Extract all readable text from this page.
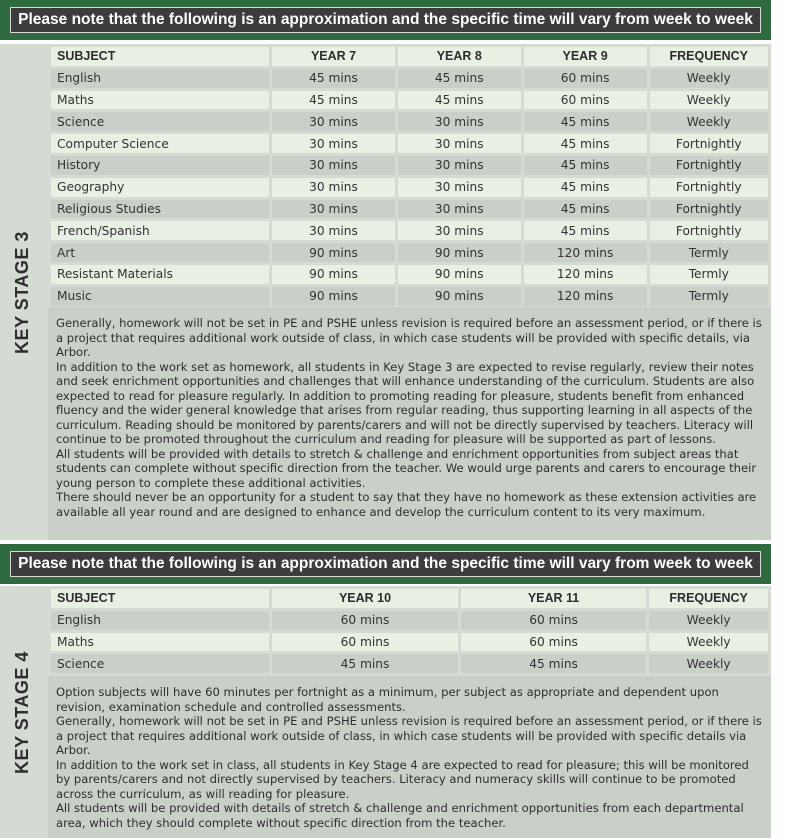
Please note that the following is an approximation and the specific time will vary from week to week
KEY STAGE 3
SUBJECT	YEAR 7	YEAR 8	YEAR 9	FREQUENCY
English	45 mins	45 mins	60 mins	Weekly
Maths	45 mins	45 mins	60 mins	Weekly
Science	30 mins	30 mins	45 mins	Weekly
Computer Science	30 mins	30 mins	45 mins	Fortnightly
History	30 mins	30 mins	45 mins	Fortnightly
Geography	30 mins	30 mins	45 mins	Fortnightly
Religious Studies	30 mins	30 mins	45 mins	Fortnightly
French/Spanish	30 mins	30 mins	45 mins	Fortnightly
Art	90 mins	90 mins	120 mins	Termly
Resistant Materials	90 mins	90 mins	120 mins	Termly
Music	90 mins	90 mins	120 mins	Termly

Generally, homework will not be set in PE and PSHE unless revision is required before an assessment period, or if there is a project that requires additional work outside of class, in which case students will be provided with specific details, via Arbor.

In addition to the work set as homework, all students in Key Stage 3 are expected to revise regularly, review their notes and seek enrichment opportunities and challenges that will enhance understanding of the curriculum. Students are also expected to read for pleasure regularly. In addition to promoting reading for pleasure, students benefit from enhanced fluency and the wider general knowledge that arises from regular reading, thus supporting learning in all aspects of the curriculum. Reading should be monitored by parents/carers and will not be directly supervised by teachers. Literacy will continue to be promoted throughout the curriculum and reading for pleasure will be supported as part of lessons.

All students will be provided with details to stretch & challenge and enrichment opportunities from subject areas that students can complete without specific direction from the teacher. We would urge parents and carers to encourage their young person to complete these additional activities.

There should never be an opportunity for a student to say that they have no homework as these extension activities are available all year round and are designed to enhance and develop the curriculum content to its very maximum.

Please note that the following is an approximation and the specific time will vary from week to week
KEY STAGE 4
SUBJECT	YEAR 10	YEAR 11	FREQUENCY
English	60 mins	60 mins	Weekly
Maths	60 mins	60 mins	Weekly
Science	45 mins	45 mins	Weekly

Option subjects will have 60 minutes per fortnight as a minimum, per subject as appropriate and dependent upon revision, examination schedule and controlled assessments.

Generally, homework will not be set in PE and PSHE unless revision is required before an assessment period, or if there is a project that requires additional work outside of class, in which case students will be provided with specific details via Arbor.

In addition to the work set in class, all students in Key Stage 4 are expected to read for pleasure; this will be monitored by parents/carers and not directly supervised by teachers. Literacy and numeracy skills will continue to be promoted across the curriculum, as will reading for pleasure.

All students will be provided with details of stretch & challenge and enrichment opportunities from each departmental area, which they should complete without specific direction from the teacher.
